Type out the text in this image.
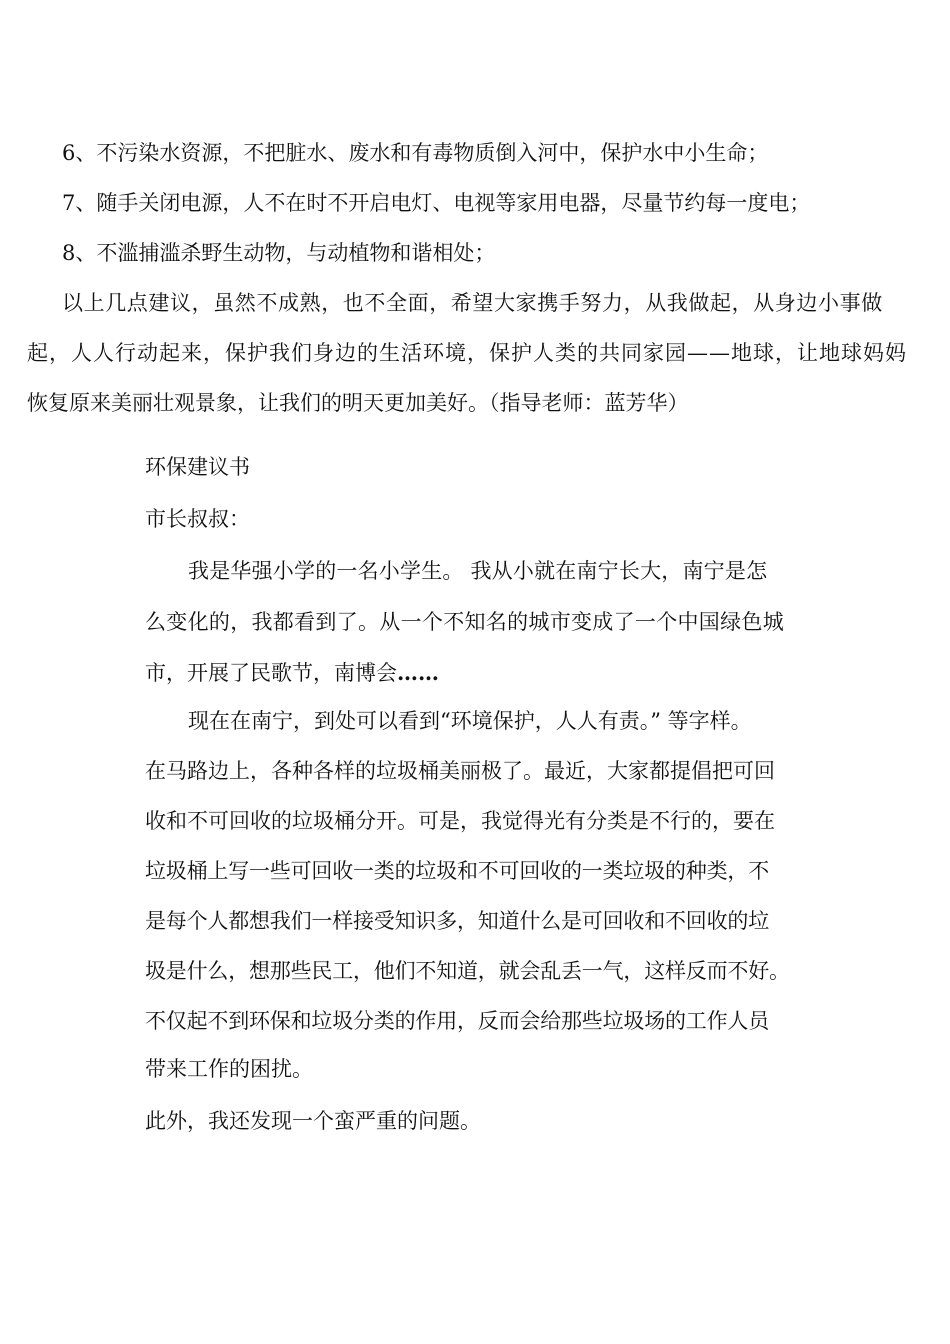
6、不污染水资源，不把脏水、废水和有毒物质倒入河中，保护水中小生命；
7、随手关闭电源，人不在时不开启电灯、电视等家用电器，尽量节约每一度电；
8、不滥捕滥杀野生动物，与动植物和谐相处；
以上几点建议，虽然不成熟，也不全面，希望大家携手努力，从我做起，从身边小事做
起，人人行动起来，保护我们身边的生活环境，保护人类的共同家园——地球，让地球妈妈
恢复原来美丽壮观景象，让我们的明天更加美好。（指导老师：蓝芳华）
环保建议书
市长叔叔：
我是华强小学的一名小学生。 我从小就在南宁长大，南宁是怎
么变化的，我都看到了。从一个不知名的城市变成了一个中国绿色城
市，开展了民歌节，南博会……
现在在南宁，到处可以看到“环境保护，人人有责。” 等字样。
在马路边上，各种各样的垃圾桶美丽极了。最近，大家都提倡把可回
收和不可回收的垃圾桶分开。可是，我觉得光有分类是不行的，要在
垃圾桶上写一些可回收一类的垃圾和不可回收的一类垃圾的种类，不
是每个人都想我们一样接受知识多，知道什么是可回收和不回收的垃
圾是什么，想那些民工，他们不知道，就会乱丢一气，这样反而不好。
不仅起不到环保和垃圾分类的作用，反而会给那些垃圾场的工作人员
带来工作的困扰。
此外，我还发现一个蛮严重的问题。
